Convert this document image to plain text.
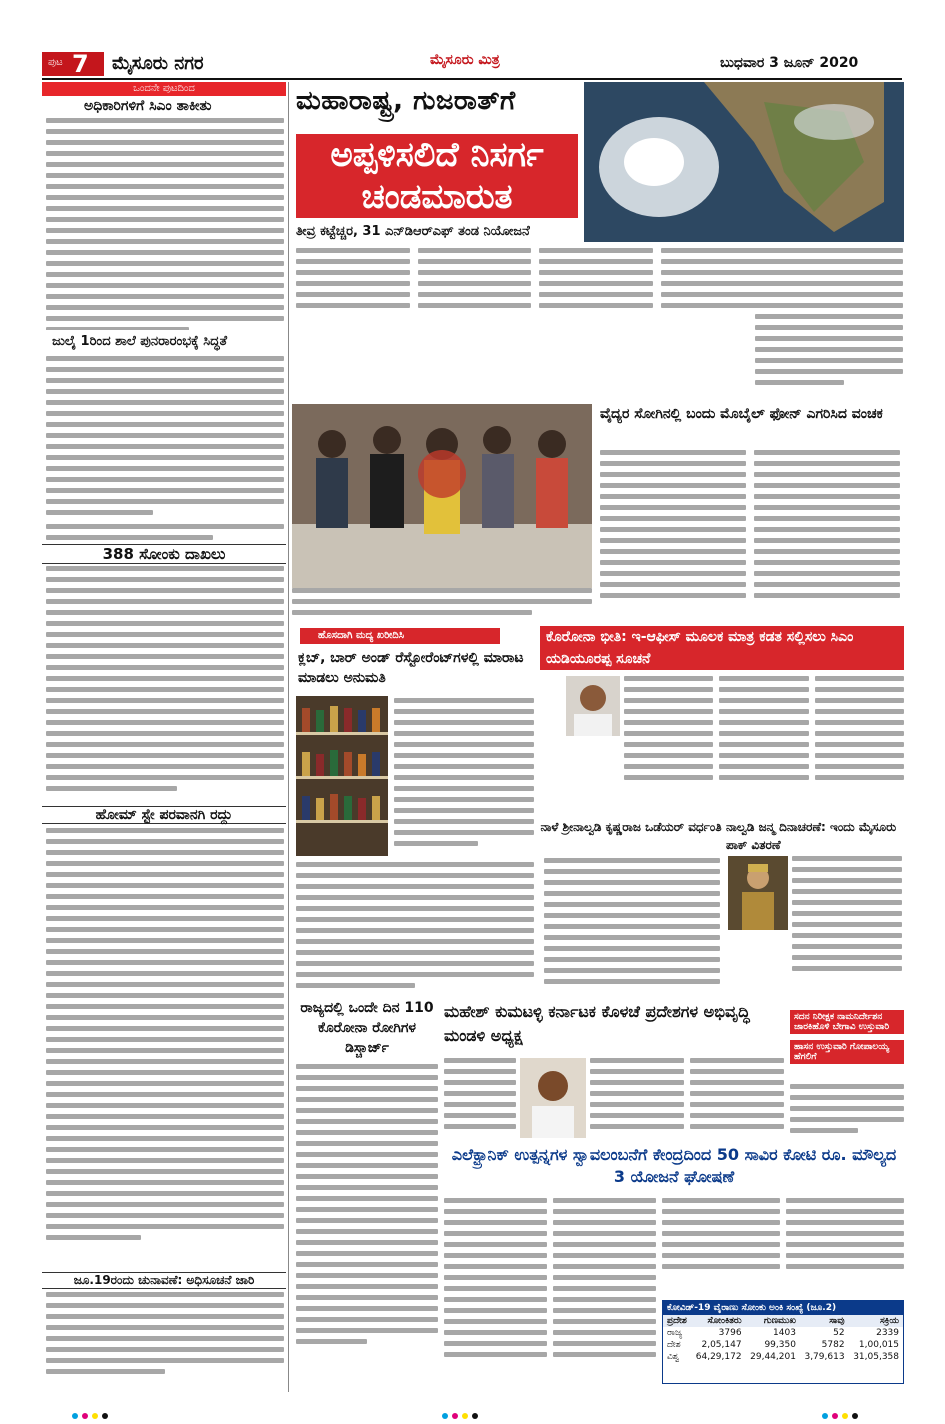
ಪುಟ 7 ಮೈಸೂರು ನಗರ	ಮೈಸೂರು ಮಿತ್ರ	ಬುಧವಾರ 3 ಜೂನ್ 2020
ಒಂದನೇ ಪುಟದಿಂದ
ಅಧಿಕಾರಿಗಳಿಗೆ ಸಿಎಂ ತಾಕೀತು
ಜುಲೈ 1ರಿಂದ ಶಾಲೆ ಪುನರಾರಂಭಕ್ಕೆ ಸಿದ್ಧತೆ
388 ಸೋಂಕು ದಾಖಲು
ಹೋಮ್ ಸ್ಟೇ ಪರವಾನಗಿ ರದ್ದು
ಜೂ.19ರಂದು ಚುನಾವಣೆ: ಅಧಿಸೂಚನೆ ಜಾರಿ
ಮಹಾರಾಷ್ಟ್ರ, ಗುಜರಾತ್‌ಗೆ
ಅಪ್ಪಳಿಸಲಿದೆ ನಿಸರ್ಗ ಚಂಡಮಾರುತ
ತೀವ್ರ ಕಟ್ಟೆಚ್ಚರ, 31 ಎನ್‌ಡಿಆರ್‌ಎಫ್ ತಂಡ ನಿಯೋಜನೆ
ವೈದ್ಯರ ಸೋಗಿನಲ್ಲಿ ಬಂದು ಮೊಬೈಲ್ ಫೋನ್ ಎಗರಿಸಿದ ವಂಚಕ
ಹೊಸದಾಗಿ ಮದ್ಯ ಖರೀದಿಸಿ
ಕ್ಲಬ್, ಬಾರ್ ಅಂಡ್ ರೆಸ್ಟೋರೆಂಟ್‌ಗಳಲ್ಲಿ ಮಾರಾಟ ಮಾಡಲು ಅನುಮತಿ
ಕೊರೋನಾ ಭೀತಿ: ಇ-ಆಫೀಸ್ ಮೂಲಕ ಮಾತ್ರ ಕಡತ ಸಲ್ಲಿಸಲು ಸಿಎಂ ಯಡಿಯೂರಪ್ಪ ಸೂಚನೆ
ನಾಳೆ ಶ್ರೀನಾಲ್ವಡಿ ಕೃಷ್ಣರಾಜ ಒಡೆಯರ್ ವರ್ಧಂತಿ ನಾಲ್ವಡಿ ಜನ್ಮ ದಿನಾಚರಣೆ: ಇಂದು ಮೈಸೂರು ಪಾಕ್ ವಿತರಣೆ
ರಾಜ್ಯದಲ್ಲಿ ಒಂದೇ ದಿನ 110 ಕೊರೋನಾ ರೋಗಿಗಳ ಡಿಸ್ಚಾರ್ಜ್
ಮಹೇಶ್ ಕುಮಟಳ್ಳಿ ಕರ್ನಾಟಕ ಕೊಳಚೆ ಪ್ರದೇಶಗಳ ಅಭಿವೃದ್ಧಿ ಮಂಡಳಿ ಅಧ್ಯಕ್ಷ
ಸದನ ನಿರೀಕ್ಷಕ ನಾಮನಿರ್ದೇಶನ ಜಾರಕಿಹೊಳಿ ಬೇಗಾವಿ ಉಸ್ತುವಾರಿ
ಹಾಸನ ಉಸ್ತುವಾರಿ ಗೋಪಾಲಯ್ಯ ಹೆಗಲಿಗೆ
ಎಲೆಕ್ಟ್ರಾನಿಕ್ ಉತ್ಪನ್ನಗಳ ಸ್ವಾವಲಂಬನೆಗೆ ಕೇಂದ್ರದಿಂದ 50 ಸಾವಿರ ಕೋಟಿ ರೂ. ಮೌಲ್ಯದ 3 ಯೋಜನೆ ಘೋಷಣೆ
ಕೋವಿಡ್-19 ವೈರಾಣು ಸೋಂಕು ಅಂಕಿ ಸಂಖ್ಯೆ (ಜೂ.2)
ಪ್ರದೇಶ	ಸೋಂಕಿತರು	ಗುಣಮುಖ	ಸಾವು	ಸಕ್ರಿಯ
ರಾಜ್ಯ	3796	1403	52	2339
ದೇಶ	2,05,147	99,350	5782	1,00,015
ವಿಶ್ವ	64,29,172	29,44,201	3,79,613	31,05,358
